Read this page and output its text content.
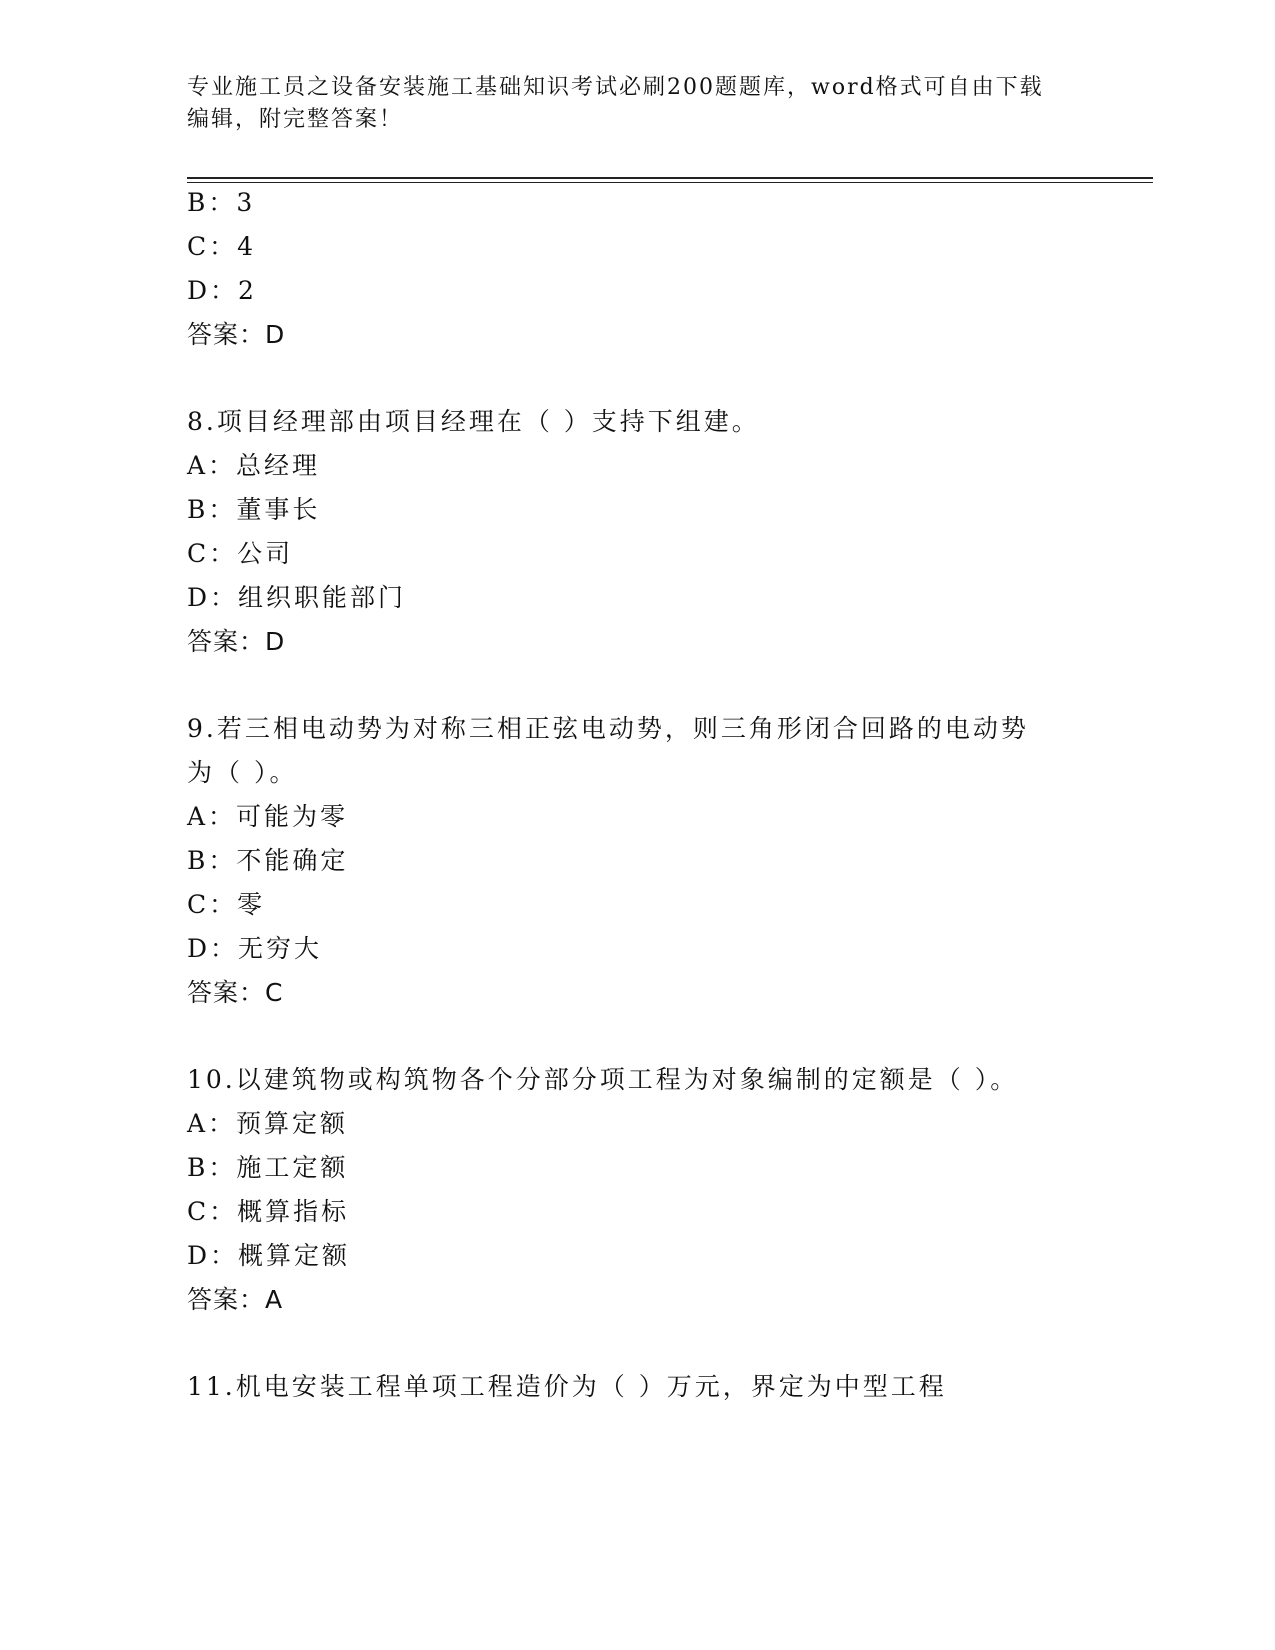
专业施工员之设备安装施工基础知识考试必刷200题题库，word格式可自由下载
编辑，附完整答案！
B：3
C：4
D：2
答案：D
8.项目经理部由项目经理在（ ）支持下组建。
A：总经理
B：董事长
C：公司
D：组织职能部门
答案：D
9.若三相电动势为对称三相正弦电动势，则三角形闭合回路的电动势
为（ ）。
A：可能为零
B：不能确定
C：零
D：无穷大
答案：C
10.以建筑物或构筑物各个分部分项工程为对象编制的定额是（ ）。
A：预算定额
B：施工定额
C：概算指标
D：概算定额
答案：A
11.机电安装工程单项工程造价为（ ）万元，界定为中型工程
